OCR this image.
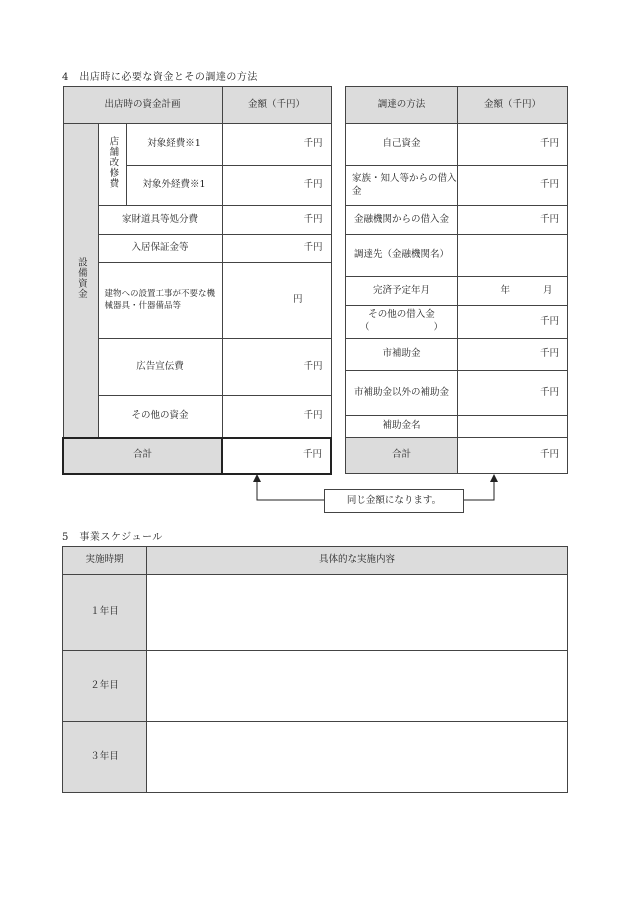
4　出店時に必要な資金とその調達の方法
出店時の資金計画			金額（千円）
設備資金	店舗改修費	対象経費※1	千円
		対象外経費※1	千円
	家財道具等処分費		千円
	入居保証金等		千円
	建物への設置工事が不要な機械器具・什器備品等		円
	広告宣伝費		千円
	その他の資金		千円
合計			千円
調達の方法	金額（千円）
自己資金	千円
家族・知人等からの借入金	千円
金融機関からの借入金	千円
調達先（金融機関名）	
完済予定年月	年 月

その他の借入金
（ ）	千円
市補助金	千円
市補助金以外の補助金	千円
補助金名	
合計	千円
同じ金額になります。
5　事業スケジュール
実施時期	具体的な実施内容
１年目	
２年目	
３年目	
